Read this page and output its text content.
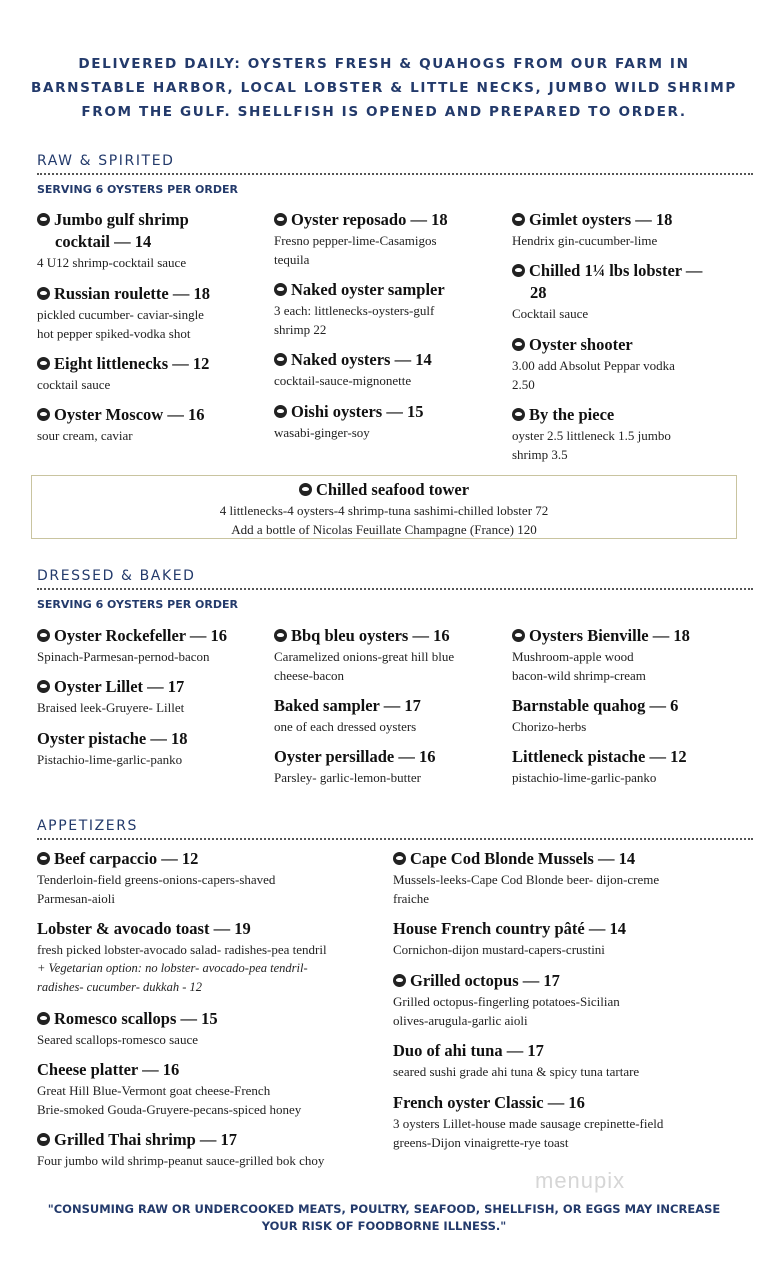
DELIVERED DAILY: OYSTERS FRESH & QUAHOGS FROM OUR FARM IN BARNSTABLE HARBOR, LOCAL LOBSTER & LITTLE NECKS, JUMBO WILD SHRIMP FROM THE GULF. SHELLFISH IS OPENED AND PREPARED TO ORDER.
RAW & SPIRITED
SERVING 6 OYSTERS PER ORDER
Jumbo gulf shrimp
cocktail — 14
4 U12 shrimp-cocktail sauce
Russian roulette — 18
pickled cucumber- caviar-single
hot pepper spiked-vodka shot
Eight littlenecks — 12
cocktail sauce
Oyster Moscow — 16
sour cream, caviar
Oyster reposado — 18
Fresno pepper-lime-Casamigos
tequila
Naked oyster sampler
3 each: littlenecks-oysters-gulf
shrimp 22
Naked oysters — 14
cocktail-sauce-mignonette
Oishi oysters — 15
wasabi-ginger-soy
Gimlet oysters — 18
Hendrix gin-cucumber-lime
Chilled 1¼ lbs lobster —
28
Cocktail sauce
Oyster shooter
3.00 add Absolut Peppar vodka
2.50
By the piece
oyster 2.5 littleneck 1.5 jumbo
shrimp 3.5
Chilled seafood tower
4 littlenecks-4 oysters-4 shrimp-tuna sashimi-chilled lobster 72
Add a bottle of Nicolas Feuillate Champagne (France) 120
DRESSED & BAKED
SERVING 6 OYSTERS PER ORDER
Oyster Rockefeller — 16
Spinach-Parmesan-pernod-bacon
Oyster Lillet — 17
Braised leek-Gruyere- Lillet
Oyster pistache — 18
Pistachio-lime-garlic-panko
Bbq bleu oysters — 16
Caramelized onions-great hill blue
cheese-bacon
Baked sampler — 17
one of each dressed oysters
Oyster persillade — 16
Parsley- garlic-lemon-butter
Oysters Bienville — 18
Mushroom-apple wood
bacon-wild shrimp-cream
Barnstable quahog — 6
Chorizo-herbs
Littleneck pistache — 12
pistachio-lime-garlic-panko
APPETIZERS
Beef carpaccio — 12
Tenderloin-field greens-onions-capers-shaved
Parmesan-aioli
Lobster & avocado toast — 19
fresh picked lobster-avocado salad- radishes-pea tendril
+ Vegetarian option: no lobster- avocado-pea tendril-
radishes- cucumber- dukkah - 12
Romesco scallops — 15
Seared scallops-romesco sauce
Cheese platter — 16
Great Hill Blue-Vermont goat cheese-French
Brie-smoked Gouda-Gruyere-pecans-spiced honey
Grilled Thai shrimp — 17
Four jumbo wild shrimp-peanut sauce-grilled bok choy
Cape Cod Blonde Mussels — 14
Mussels-leeks-Cape Cod Blonde beer- dijon-creme
fraiche
House French country pâté — 14
Cornichon-dijon mustard-capers-crustini
Grilled octopus — 17
Grilled octopus-fingerling potatoes-Sicilian
olives-arugula-garlic aioli
Duo of ahi tuna — 17
seared sushi grade ahi tuna & spicy tuna tartare
French oyster Classic — 16
3 oysters Lillet-house made sausage crepinette-field
greens-Dijon vinaigrette-rye toast
menupix
"CONSUMING RAW OR UNDERCOOKED MEATS, POULTRY, SEAFOOD, SHELLFISH, OR EGGS MAY INCREASE YOUR RISK OF FOODBORNE ILLNESS."
